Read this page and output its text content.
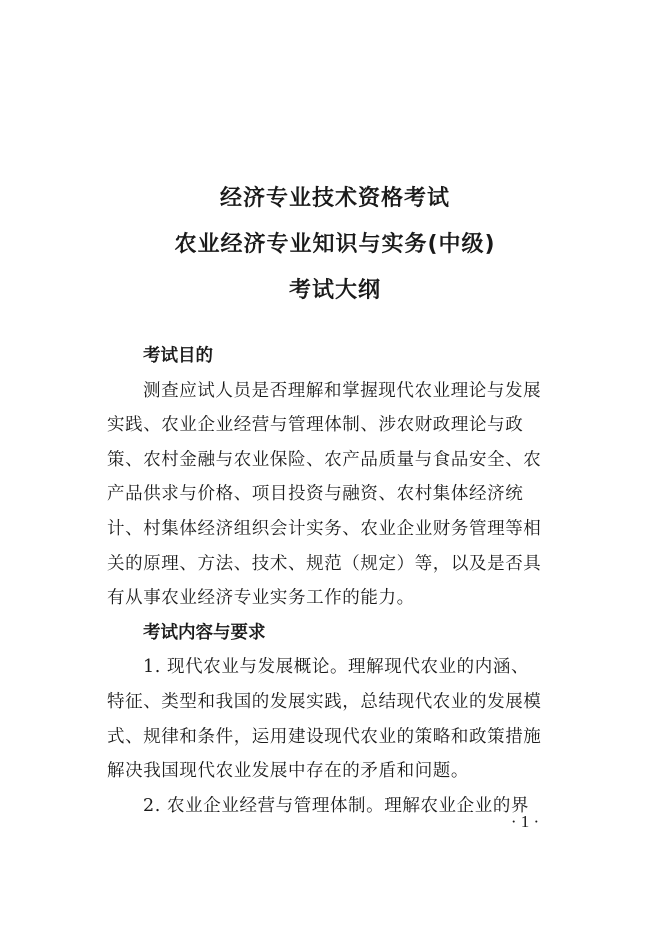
经济专业技术资格考试
农业经济专业知识与实务(中级)
考试大纲
考试目的
测查应试人员是否理解和掌握现代农业理论与发展
实践、农业企业经营与管理体制、涉农财政理论与政
策、农村金融与农业保险、农产品质量与食品安全、农
产品供求与价格、项目投资与融资、农村集体经济统
计、村集体经济组织会计实务、农业企业财务管理等相
关的原理、方法、技术、规范（规定）等，以及是否具
有从事农业经济专业实务工作的能力。
考试内容与要求
1. 现代农业与发展概论。理解现代农业的内涵、
特征、类型和我国的发展实践，总结现代农业的发展模
式、规律和条件，运用建设现代农业的策略和政策措施
解决我国现代农业发展中存在的矛盾和问题。
2. 农业企业经营与管理体制。理解农业企业的界
· 1 ·
